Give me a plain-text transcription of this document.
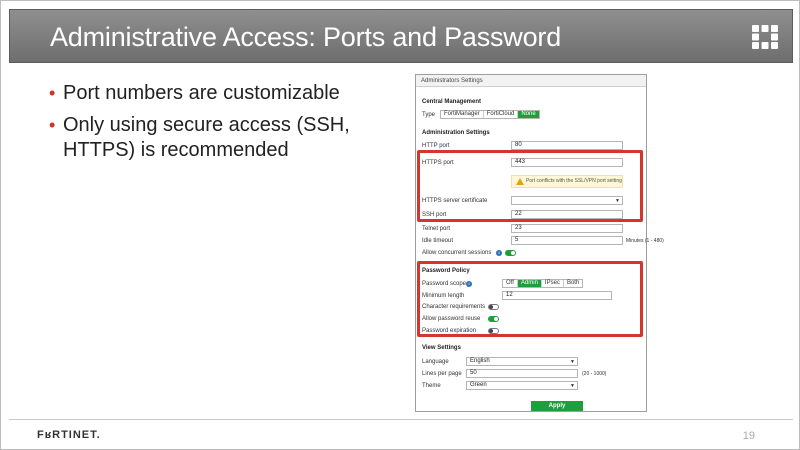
Administrative Access: Ports and Password
• Port numbers are customizable
• Only using secure access (SSH, HTTPS) is recommended
Administrators Settings
Central Management
Type	FortiManager	FortiCloud	None
Administration Settings
HTTP port	80
HTTPS port	443
Port conflicts with the SSL/VPN port setting
HTTPS server certificate	▼
SSH port	22
Telnet port	23
Idle timeout	5	Minutes (1 - 480)
Allow concurrent sessions	i
Password Policy
Password scope i	Off	Admin	IPsec	Both
Minimum length	12
Character requirements
Allow password reuse
Password expiration
View Settings
Language	English	▼
Lines per page	50	(20 - 1000)
Theme	Green	▼
Apply
FʁRTINET.	19
